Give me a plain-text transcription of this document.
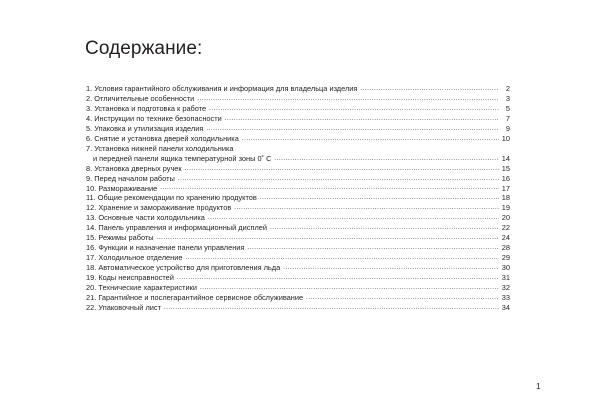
Содержание:
1. Условия гарантийного обслуживания и информация для владельца изделия .....	2
2. Отличительные особенности .....	3
3. Установка и подготовка к работе .....	5
4. Инструкции по технике безопасности .....	7
5. Упаковка и утилизация изделия .....	9
6. Снятие и установка дверей холодильника .....	10
7. Установка нижней панели холодильника
и передней панели ящика температурной зоны 0˚ С .....	14
8. Установка дверных ручек .....	15
9. Перед началом работы .....	16
10. Размораживание .....	17
11. Общие рекомендации по хранению продуктов .....	18
12. Хранение и замораживание продуктов .....	19
13. Основные части холодильника .....	20
14. Панель управления и информационный дисплей .....	22
15. Режимы работы .....	24
16. Функции и назначение панели управления .....	28
17. Холодильное отделение .....	29
18. Автоматическое устройство для приготовления льда .....	30
19. Коды неисправностей .....	31
20. Технические характеристики .....	32
21. Гарантийное и послегарантийное сервисное обслуживание .....	33
22. Упаковочный лист .....	34

1
